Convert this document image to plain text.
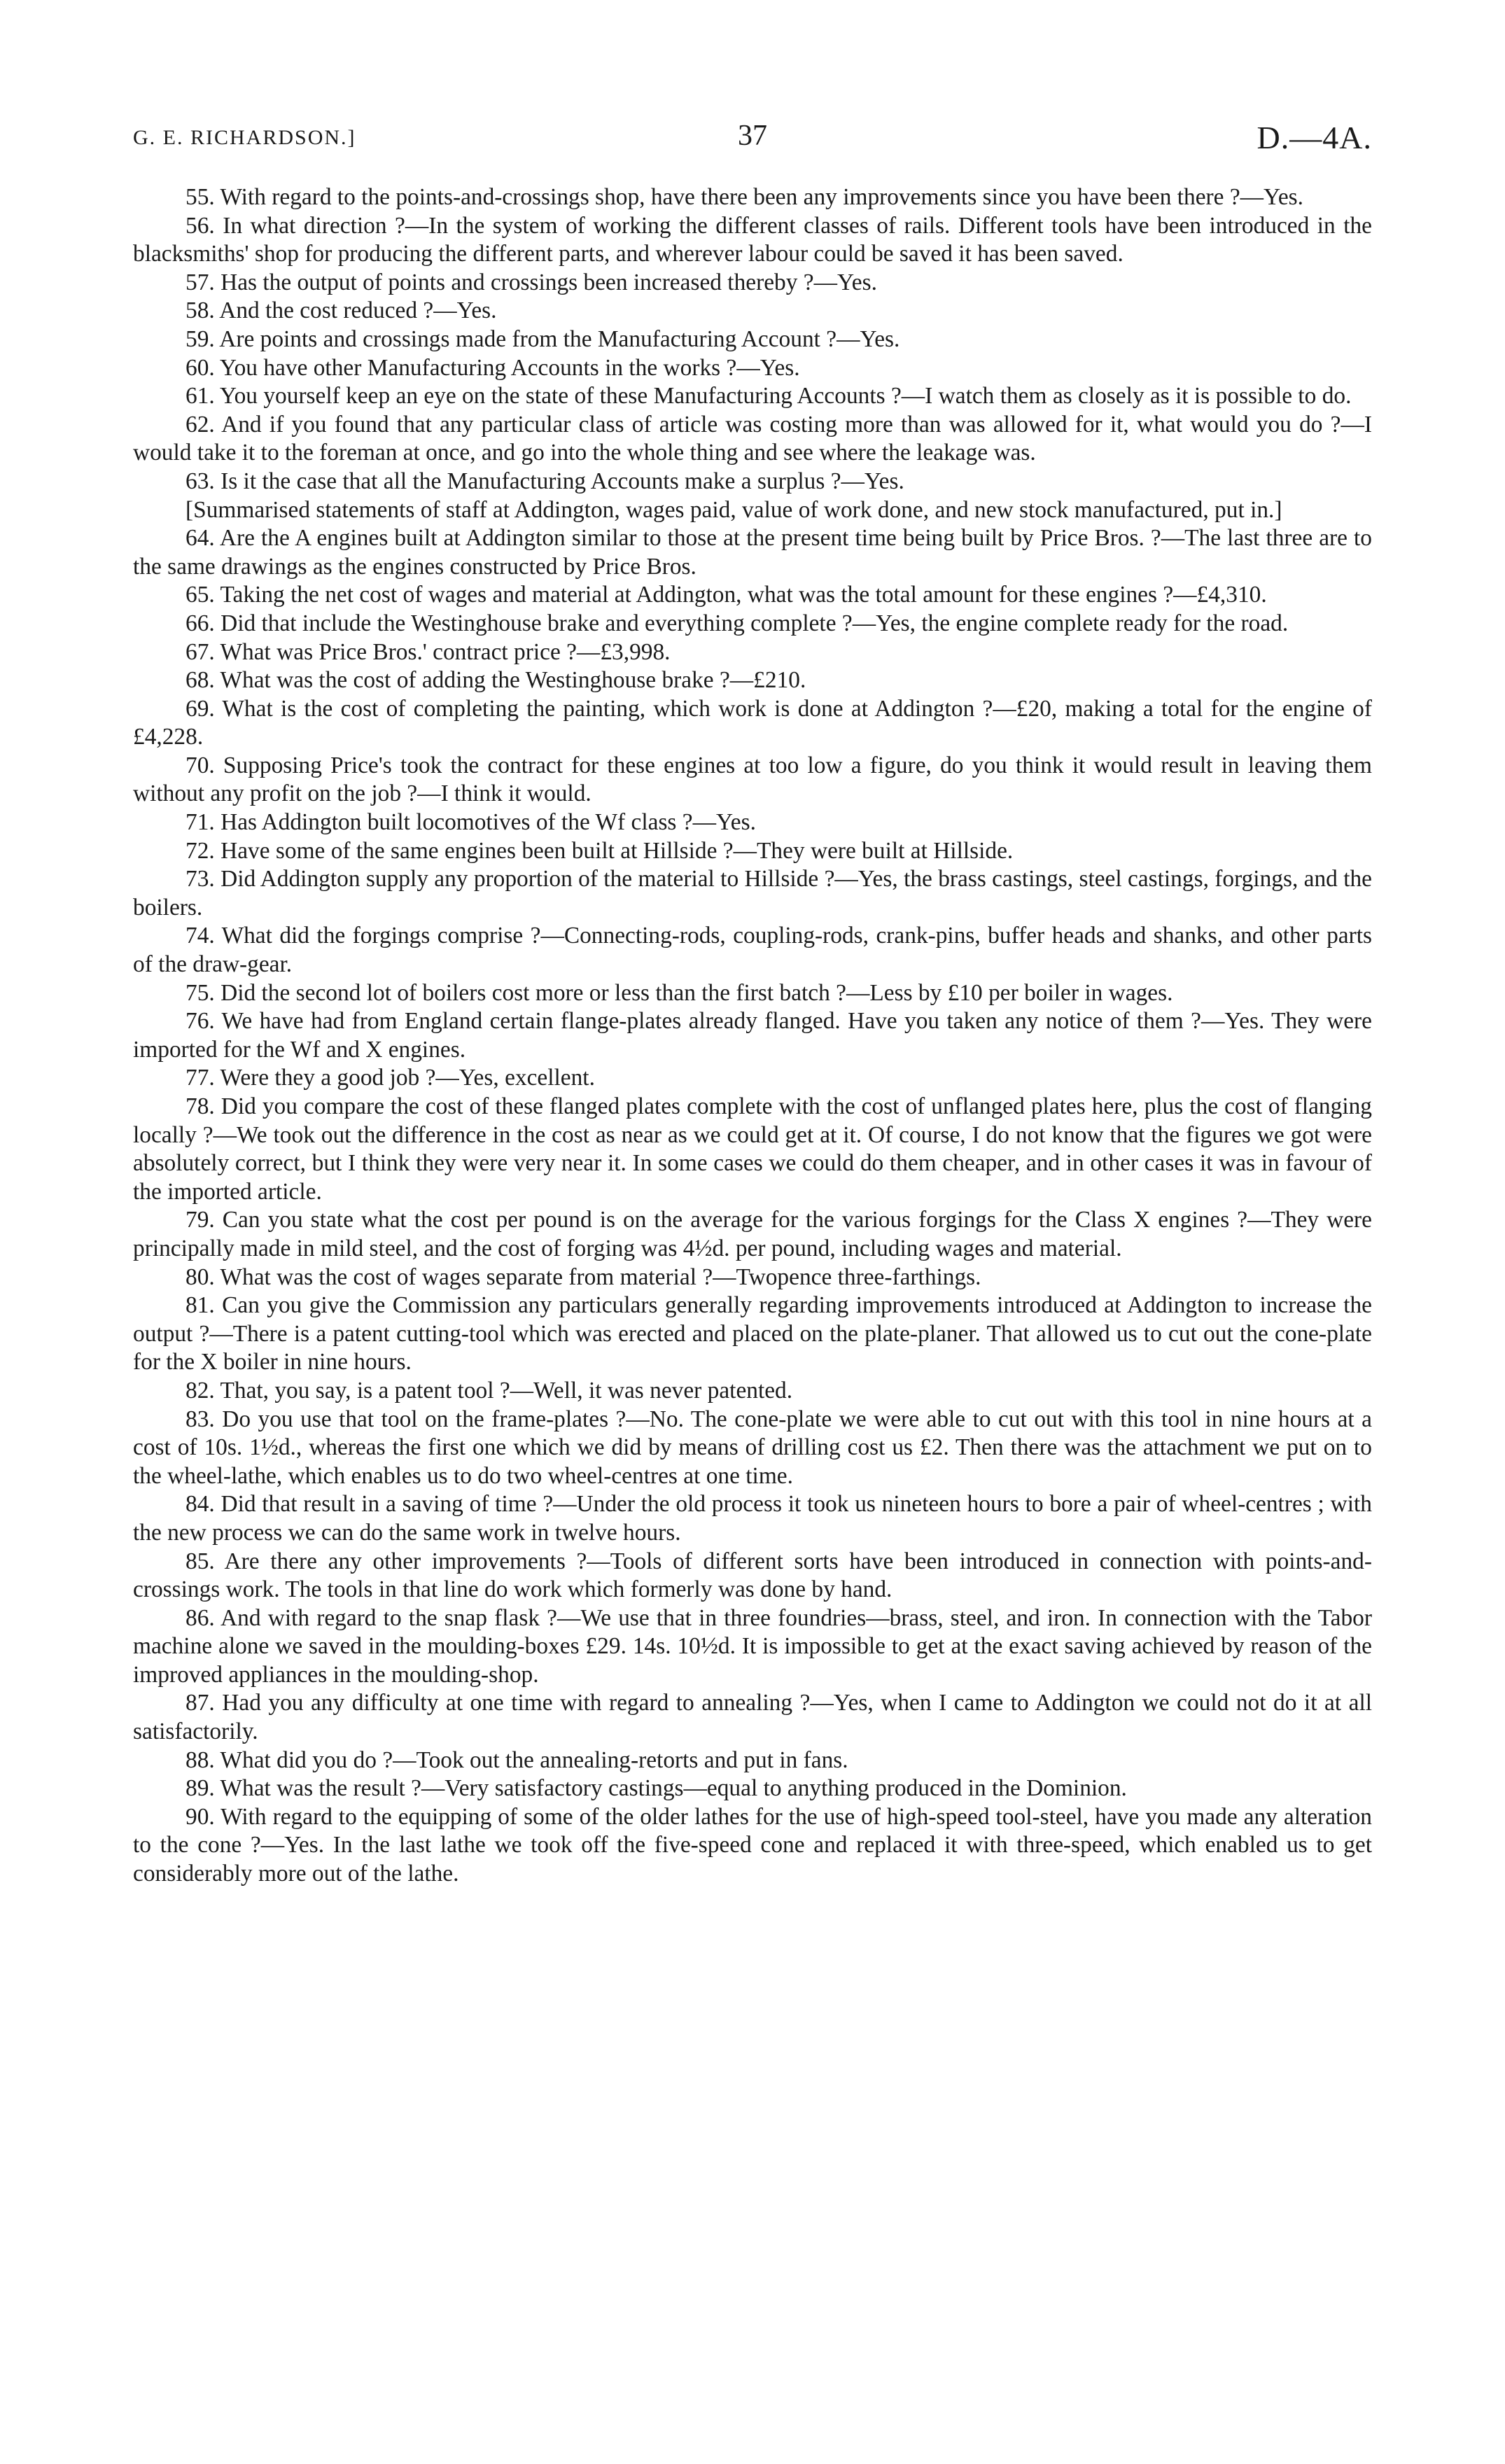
G. E. RICHARDSON.]	37	D.—4A.

55. With regard to the points-and-crossings shop, have there been any improvements since you have been there ?—Yes.

56. In what direction ?—In the system of working the different classes of rails. Different tools have been introduced in the blacksmiths' shop for producing the different parts, and wherever labour could be saved it has been saved.

57. Has the output of points and crossings been increased thereby ?—Yes.

58. And the cost reduced ?—Yes.

59. Are points and crossings made from the Manufacturing Account ?—Yes.

60. You have other Manufacturing Accounts in the works ?—Yes.

61. You yourself keep an eye on the state of these Manufacturing Accounts ?—I watch them as closely as it is possible to do.

62. And if you found that any particular class of article was costing more than was allowed for it, what would you do ?—I would take it to the foreman at once, and go into the whole thing and see where the leakage was.

63. Is it the case that all the Manufacturing Accounts make a surplus ?—Yes.

[Summarised statements of staff at Addington, wages paid, value of work done, and new stock manufactured, put in.]

64. Are the A engines built at Addington similar to those at the present time being built by Price Bros. ?—The last three are to the same drawings as the engines constructed by Price Bros.

65. Taking the net cost of wages and material at Addington, what was the total amount for these engines ?—£4,310.

66. Did that include the Westinghouse brake and everything complete ?—Yes, the engine complete ready for the road.

67. What was Price Bros.' contract price ?—£3,998.

68. What was the cost of adding the Westinghouse brake ?—£210.

69. What is the cost of completing the painting, which work is done at Addington ?—£20, making a total for the engine of £4,228.

70. Supposing Price's took the contract for these engines at too low a figure, do you think it would result in leaving them without any profit on the job ?—I think it would.

71. Has Addington built locomotives of the Wf class ?—Yes.

72. Have some of the same engines been built at Hillside ?—They were built at Hillside.

73. Did Addington supply any proportion of the material to Hillside ?—Yes, the brass castings, steel castings, forgings, and the boilers.

74. What did the forgings comprise ?—Connecting-rods, coupling-rods, crank-pins, buffer heads and shanks, and other parts of the draw-gear.

75. Did the second lot of boilers cost more or less than the first batch ?—Less by £10 per boiler in wages.

76. We have had from England certain flange-plates already flanged. Have you taken any notice of them ?—Yes. They were imported for the Wf and X engines.

77. Were they a good job ?—Yes, excellent.

78. Did you compare the cost of these flanged plates complete with the cost of unflanged plates here, plus the cost of flanging locally ?—We took out the difference in the cost as near as we could get at it. Of course, I do not know that the figures we got were absolutely correct, but I think they were very near it. In some cases we could do them cheaper, and in other cases it was in favour of the imported article.

79. Can you state what the cost per pound is on the average for the various forgings for the Class X engines ?—They were principally made in mild steel, and the cost of forging was 4½d. per pound, including wages and material.

80. What was the cost of wages separate from material ?—Twopence three-farthings.

81. Can you give the Commission any particulars generally regarding improvements introduced at Addington to increase the output ?—There is a patent cutting-tool which was erected and placed on the plate-planer. That allowed us to cut out the cone-plate for the X boiler in nine hours.

82. That, you say, is a patent tool ?—Well, it was never patented.

83. Do you use that tool on the frame-plates ?—No. The cone-plate we were able to cut out with this tool in nine hours at a cost of 10s. 1½d., whereas the first one which we did by means of drilling cost us £2. Then there was the attachment we put on to the wheel-lathe, which enables us to do two wheel-centres at one time.

84. Did that result in a saving of time ?—Under the old process it took us nineteen hours to bore a pair of wheel-centres ; with the new process we can do the same work in twelve hours.

85. Are there any other improvements ?—Tools of different sorts have been introduced in connection with points-and-crossings work. The tools in that line do work which formerly was done by hand.

86. And with regard to the snap flask ?—We use that in three foundries—brass, steel, and iron. In connection with the Tabor machine alone we saved in the moulding-boxes £29. 14s. 10½d. It is impossible to get at the exact saving achieved by reason of the improved appliances in the moulding-shop.

87. Had you any difficulty at one time with regard to annealing ?—Yes, when I came to Addington we could not do it at all satisfactorily.

88. What did you do ?—Took out the annealing-retorts and put in fans.

89. What was the result ?—Very satisfactory castings—equal to anything produced in the Dominion.

90. With regard to the equipping of some of the older lathes for the use of high-speed tool-steel, have you made any alteration to the cone ?—Yes. In the last lathe we took off the five-speed cone and replaced it with three-speed, which enabled us to get considerably more out of the lathe.
